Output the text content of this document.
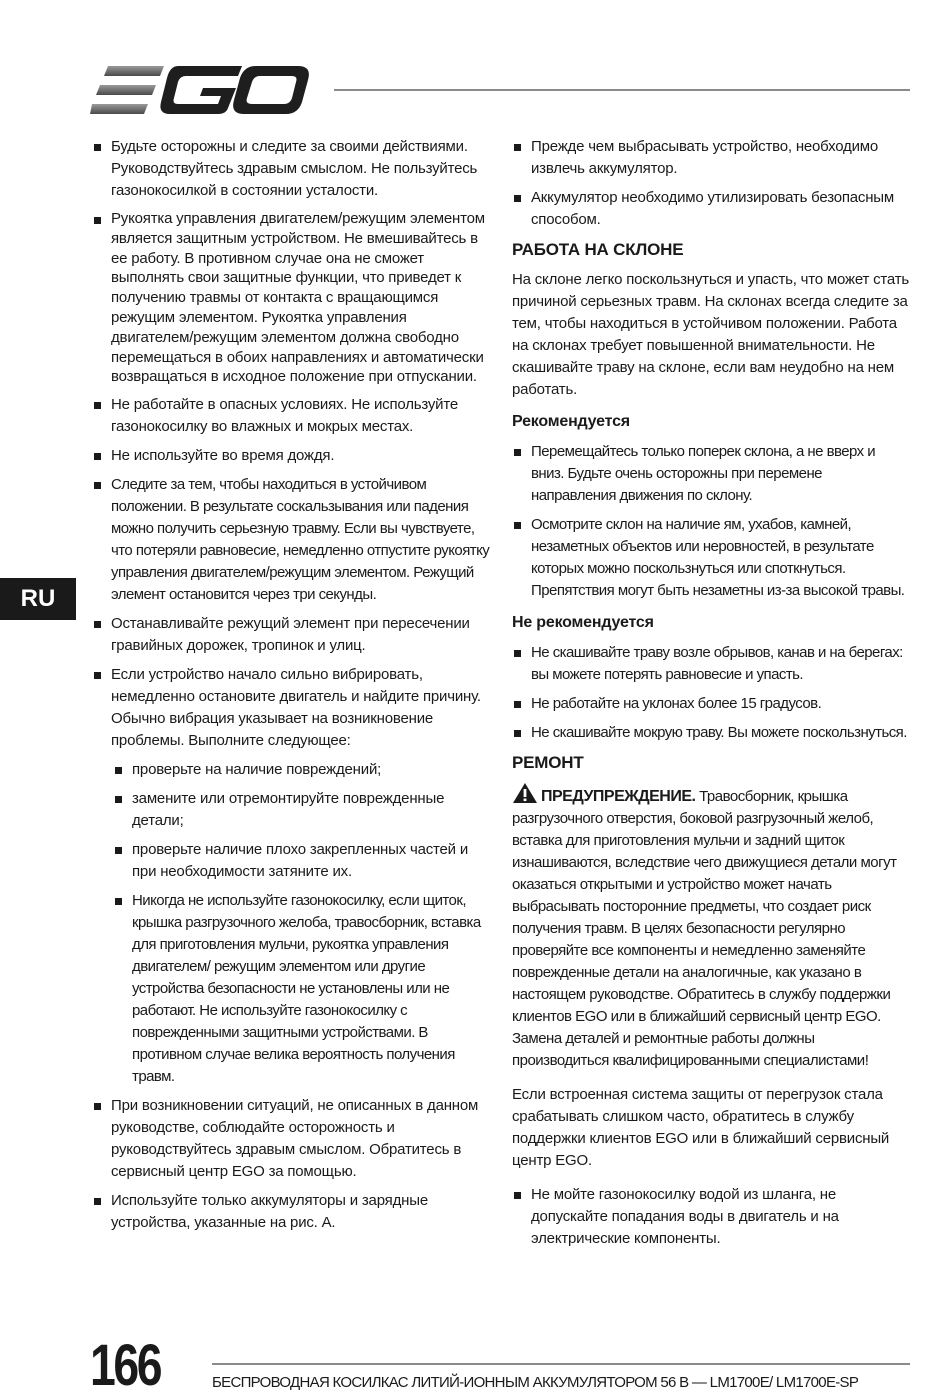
RU
Будьте осторожны и следите за своими действиями. Руководствуйтесь здравым смыслом. Не пользуйтесь газонокосилкой в состоянии усталости.
Рукоятка управления двигателем/режущим элементом является защитным устройством. Не вмешивайтесь в ее работу. В противном случае она не сможет выполнять свои защитные функции, что приведет к получению травмы от контакта с вращающимся режущим элементом. Рукоятка управления двигателем/режущим элементом должна свободно перемещаться в обоих направлениях и автоматически возвращаться в исходное положение при отпускании.
Не работайте в опасных условиях. Не используйте газонокосилку во влажных и мокрых местах.
Не используйте во время дождя.
Следите за тем, чтобы находиться в устойчивом положении. В результате соскальзывания или падения можно получить серьезную травму. Если вы чувствуете, что потеряли равновесие, немедленно отпустите рукоятку управления двигателем/режущим элементом. Режущий элемент остановится через три секунды.
Останавливайте режущий элемент при пересечении гравийных дорожек, тропинок и улиц.
Если устройство начало сильно вибрировать, немедленно остановите двигатель и найдите причину. Обычно вибрация указывает на возникновение проблемы. Выполните следующее:
проверьте на наличие повреждений;
замените или отремонтируйте поврежденные детали;
проверьте наличие плохо закрепленных частей и при необходимости затяните их.
Никогда не используйте газонокосилку, если щиток, крышка разгрузочного желоба, травосборник, вставка для приготовления мульчи, рукоятка управления двигателем/ режущим элементом или другие устройства безопасности не установлены или не работают. Не используйте газонокосилку с поврежденными защитными устройствами. В противном случае велика вероятность получения травм.
При возникновении ситуаций, не описанных в данном руководстве, соблюдайте осторожность и руководствуйтесь здравым смыслом. Обратитесь в сервисный центр EGO за помощью.
Используйте только аккумуляторы и зарядные устройства, указанные на рис. А.
Прежде чем выбрасывать устройство, необходимо извлечь аккумулятор.
Аккумулятор необходимо утилизировать безопасным способом.
РАБОТА НА СКЛОНЕ

На склоне легко поскользнуться и упасть, что может стать причиной серьезных травм. На склонах всегда следите за тем, чтобы находиться в устойчивом положении. Работа на склонах требует повышенной внимательности. Не скашивайте траву на склоне, если вам неудобно на нем работать.

Рекомендуется
Перемещайтесь только поперек склона, а не вверх и вниз. Будьте очень осторожны при перемене направления движения по склону.
Осмотрите склон на наличие ям, ухабов, камней, незаметных объектов или неровностей, в результате которых можно поскользнуться или споткнуться. Препятствия могут быть незаметны из-за высокой травы.
Не рекомендуется
Не скашивайте траву возле обрывов, канав и на берегах: вы можете потерять равновесие и упасть.
Не работайте на уклонах более 15 градусов.
Не скашивайте мокрую траву. Вы можете поскользнуться.
РЕМОНТ

ПРЕДУПРЕЖДЕНИЕ. Травосборник, крышка разгрузочного отверстия, боковой разгрузочный желоб, вставка для приготовления мульчи и задний щиток изнашиваются, вследствие чего движущиеся детали могут оказаться открытыми и устройство может начать выбрасывать посторонние предметы, что создает риск получения травм. В целях безопасности регулярно проверяйте все компоненты и немедленно заменяйте поврежденные детали на аналогичные, как указано в настоящем руководстве. Обратитесь в службу поддержки клиентов EGO или в ближайший сервисный центр EGO. Замена деталей и ремонтные работы должны производиться квалифицированными специалистами!

Если встроенная система защиты от перегрузок стала срабатывать слишком часто, обратитесь в службу поддержки клиентов EGO или в ближайший сервисный центр EGO.

Не мойте газонокосилку водой из шланга, не допускайте попадания воды в двигатель и на электрические компоненты.
166	БЕСПРОВОДНАЯ КОСИЛКАС ЛИТИЙ-ИОННЫМ АККУМУЛЯТОРОМ 56 В — LM1700E/ LM1700E-SP
